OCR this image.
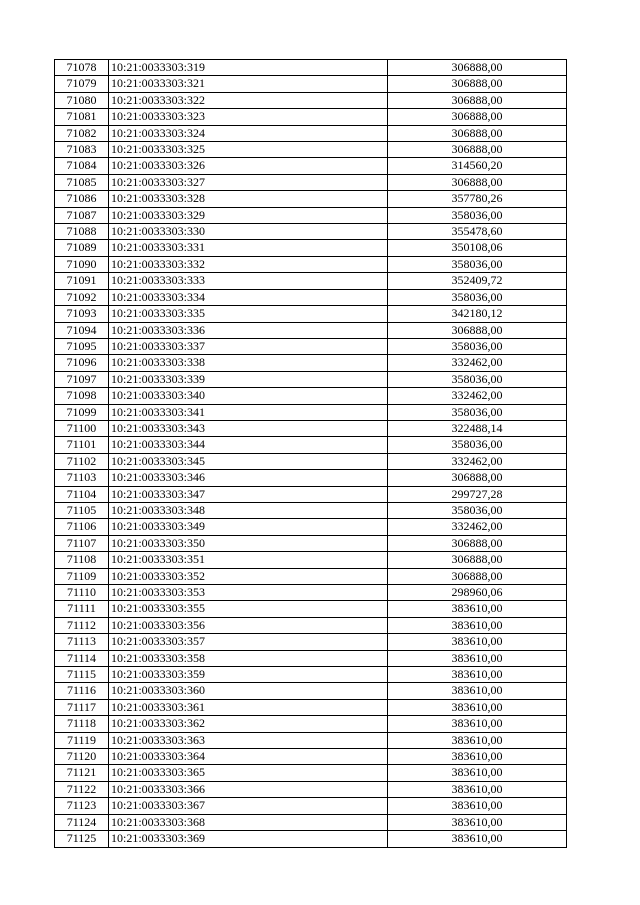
71078	10:21:0033303:319	306888,00
71079	10:21:0033303:321	306888,00
71080	10:21:0033303:322	306888,00
71081	10:21:0033303:323	306888,00
71082	10:21:0033303:324	306888,00
71083	10:21:0033303:325	306888,00
71084	10:21:0033303:326	314560,20
71085	10:21:0033303:327	306888,00
71086	10:21:0033303:328	357780,26
71087	10:21:0033303:329	358036,00
71088	10:21:0033303:330	355478,60
71089	10:21:0033303:331	350108,06
71090	10:21:0033303:332	358036,00
71091	10:21:0033303:333	352409,72
71092	10:21:0033303:334	358036,00
71093	10:21:0033303:335	342180,12
71094	10:21:0033303:336	306888,00
71095	10:21:0033303:337	358036,00
71096	10:21:0033303:338	332462,00
71097	10:21:0033303:339	358036,00
71098	10:21:0033303:340	332462,00
71099	10:21:0033303:341	358036,00
71100	10:21:0033303:343	322488,14
71101	10:21:0033303:344	358036,00
71102	10:21:0033303:345	332462,00
71103	10:21:0033303:346	306888,00
71104	10:21:0033303:347	299727,28
71105	10:21:0033303:348	358036,00
71106	10:21:0033303:349	332462,00
71107	10:21:0033303:350	306888,00
71108	10:21:0033303:351	306888,00
71109	10:21:0033303:352	306888,00
71110	10:21:0033303:353	298960,06
71111	10:21:0033303:355	383610,00
71112	10:21:0033303:356	383610,00
71113	10:21:0033303:357	383610,00
71114	10:21:0033303:358	383610,00
71115	10:21:0033303:359	383610,00
71116	10:21:0033303:360	383610,00
71117	10:21:0033303:361	383610,00
71118	10:21:0033303:362	383610,00
71119	10:21:0033303:363	383610,00
71120	10:21:0033303:364	383610,00
71121	10:21:0033303:365	383610,00
71122	10:21:0033303:366	383610,00
71123	10:21:0033303:367	383610,00
71124	10:21:0033303:368	383610,00
71125	10:21:0033303:369	383610,00
